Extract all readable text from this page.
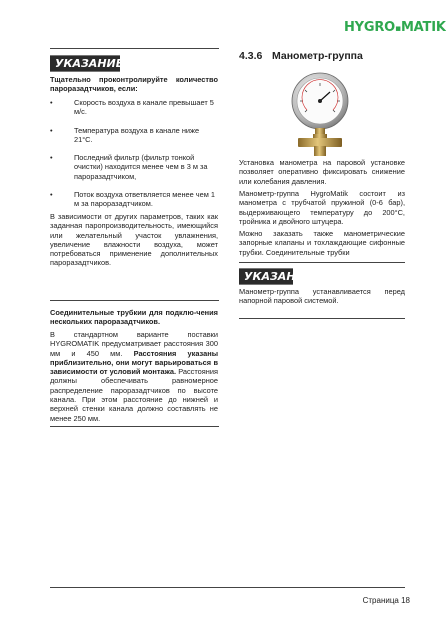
HYGRO▪MATIK
УКАЗАНИЕ

Тщательно проконтролируйте количество пароразадтчиков, если:

• Скорость воздуха в канале превышает 5 м/с.
• Температура воздуха в канале ниже 21°С.
• Последний фильтр (фильтр тонкой очистки) находится менее чем в 3 м за пароразадтчиком,
• Поток воздуха ответвляется менее чем 1 м за пароразадтчиком.

В зависимости от других параметров, таких как заданная паропроизводительность, имеющийся или желательный участок увлажнения, увеличение влажности воздуха, может потребоваться применение дополнительных пароразадтчиков.

Соединительные трубкии для подклю-чения нескольких пароразадтчиков.

В стандартном варианте поставки HYGROMATIK предусматривает расстояния 300 мм и 450 мм. Расстояния указаны приблизительно, они могут варьироваться в зависимости от условий монтажа. Расстояния должны обеспечивать равномерное распределение пароразадтчиков по высоте канала. При этом расстояние до нижней и верхней стенки канала должно составлять не менее 250 мм.

4.3.6 Манометр-группа

Установка манометра на паровой установке позволяет оперативно фиксировать снижение или колебания давления.

Манометр-группа HygroMatik состоит из манометра с трубчатой пружиной (0-6 бар), выдерживающего температуру до 200°С, тройника и двойного штуцера.

Можно заказать также манометрические запорные клапаны и тохлаждающие сифонные трубки. Соединительные трубки

УКАЗАНИЕ

Манометр-группа устанавливается перед напорной паровой системой.

Страница 18
